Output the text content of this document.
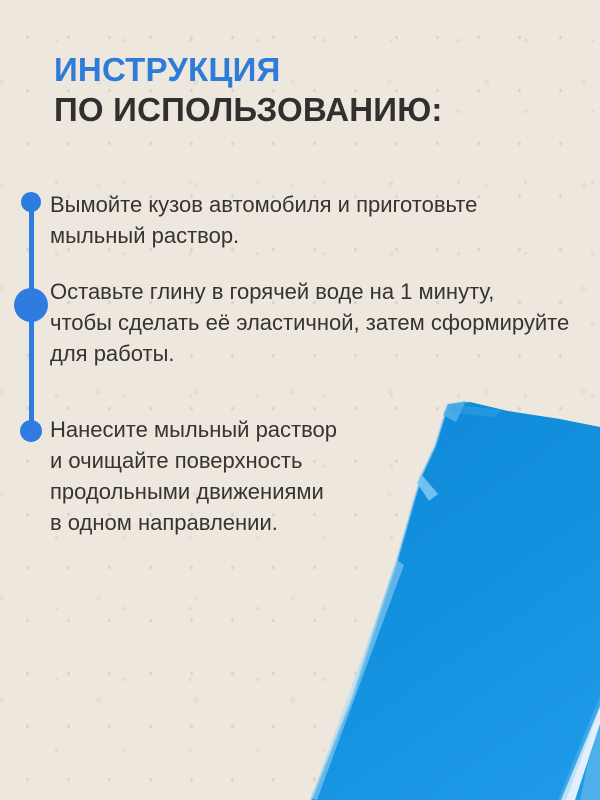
ИНСТРУКЦИЯ
ПО ИСПОЛЬЗОВАНИЮ:
Вымойте кузов автомобиля и приготовьте
мыльный раствор.
Оставьте глину в горячей воде на 1 минуту,
чтобы сделать её эластичной, затем сформируйте
для работы.
Нанесите мыльный раствор
и очищайте поверхность
продольными движениями
в одном направлении.
